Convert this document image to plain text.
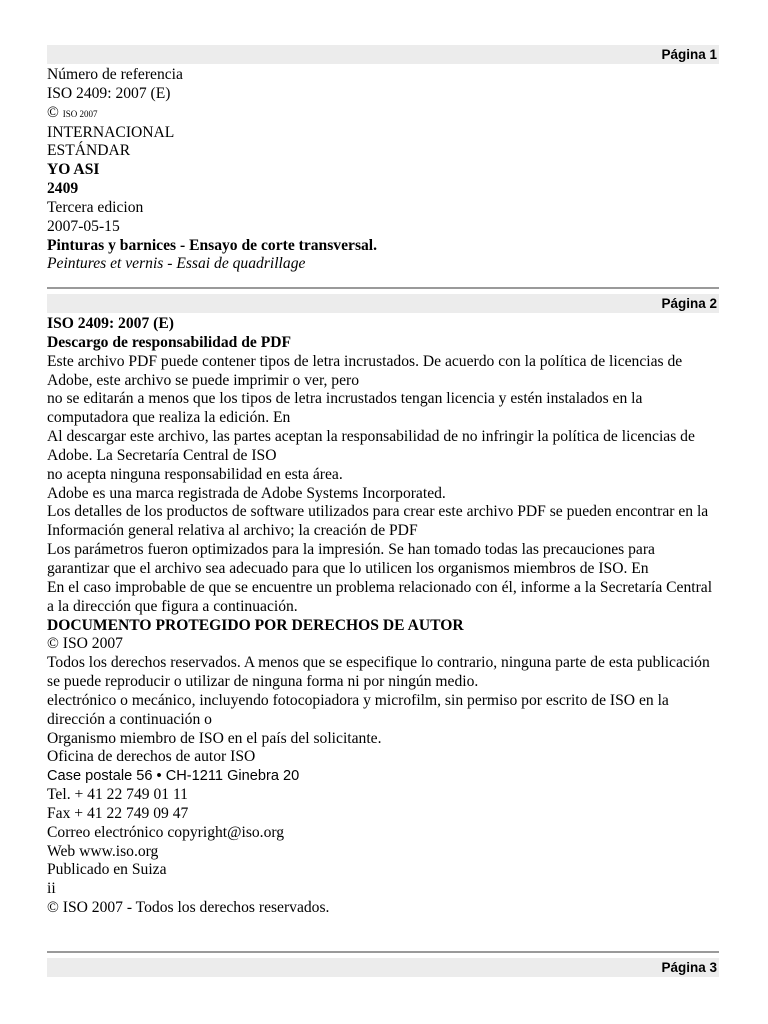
Página 1
Número de referencia
ISO 2409: 2007 (E)
© ISO 2007
INTERNACIONAL
ESTÁNDAR
YO ASI
2409
Tercera edicion
2007-05-15
Pinturas y barnices - Ensayo de corte transversal.
Peintures et vernis - Essai de quadrillage
Página 2
ISO 2409: 2007 (E)
Descargo de responsabilidad de PDF
Este archivo PDF puede contener tipos de letra incrustados. De acuerdo con la política de licencias de Adobe, este archivo se puede imprimir o ver, pero
no se editarán a menos que los tipos de letra incrustados tengan licencia y estén instalados en la computadora que realiza la edición. En
Al descargar este archivo, las partes aceptan la responsabilidad de no infringir la política de licencias de Adobe. La Secretaría Central de ISO
no acepta ninguna responsabilidad en esta área.
Adobe es una marca registrada de Adobe Systems Incorporated.
Los detalles de los productos de software utilizados para crear este archivo PDF se pueden encontrar en la Información general relativa al archivo; la creación de PDF
Los parámetros fueron optimizados para la impresión. Se han tomado todas las precauciones para garantizar que el archivo sea adecuado para que lo utilicen los organismos miembros de ISO. En
En el caso improbable de que se encuentre un problema relacionado con él, informe a la Secretaría Central a la dirección que figura a continuación.
DOCUMENTO PROTEGIDO POR DERECHOS DE AUTOR
© ISO 2007
Todos los derechos reservados. A menos que se especifique lo contrario, ninguna parte de esta publicación se puede reproducir o utilizar de ninguna forma ni por ningún medio.
electrónico o mecánico, incluyendo fotocopiadora y microfilm, sin permiso por escrito de ISO en la dirección a continuación o
Organismo miembro de ISO en el país del solicitante.
Oficina de derechos de autor ISO
Case postale 56 • CH-1211 Ginebra 20
Tel. + 41 22 749 01 11
Fax + 41 22 749 09 47
Correo electrónico copyright@iso.org
Web www.iso.org
Publicado en Suiza
ii
© ISO 2007 - Todos los derechos reservados.
Página 3
